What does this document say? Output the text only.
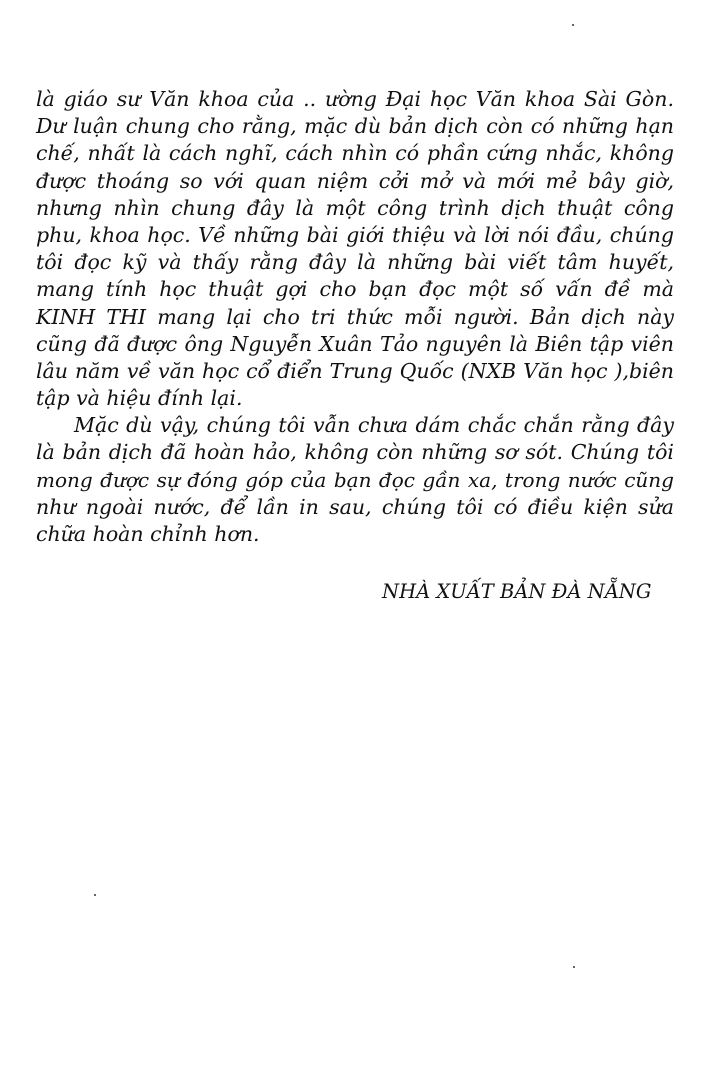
là giáo sư Văn khoa của .. ường Đại học Văn khoa Sài Gòn.
Dư luận chung cho rằng, mặc dù bản dịch còn có những hạn
chế, nhất là cách nghĩ, cách nhìn có phần cứng nhắc, không
được thoáng so với quan niệm cởi mở và mới mẻ bây giờ,
nhưng nhìn chung đây là một công trình dịch thuật công
phu, khoa học. Về những bài giới thiệu và lời nói đầu, chúng
tôi đọc kỹ và thấy rằng đây là những bài viết tâm huyết,
mang tính học thuật gợi cho bạn đọc một số vấn đề mà
KINH THI mang lại cho tri thức mỗi người. Bản dịch này
cũng đã được ông Nguyễn Xuân Tảo nguyên là Biên tập viên
lâu năm về văn học cổ điển Trung Quốc (NXB Văn học ),biên
tập và hiệu đính lại.
Mặc dù vậy, chúng tôi vẫn chưa dám chắc chắn rằng đây
là bản dịch đã hoàn hảo, không còn những sơ sót. Chúng tôi
mong được sự đóng góp của bạn đọc gần xa, trong nước cũng
như ngoài nước, để lần in sau, chúng tôi có điều kiện sửa
chữa hoàn chỉnh hơn.
NHÀ XUẤT BẢN ĐÀ NẴNG
